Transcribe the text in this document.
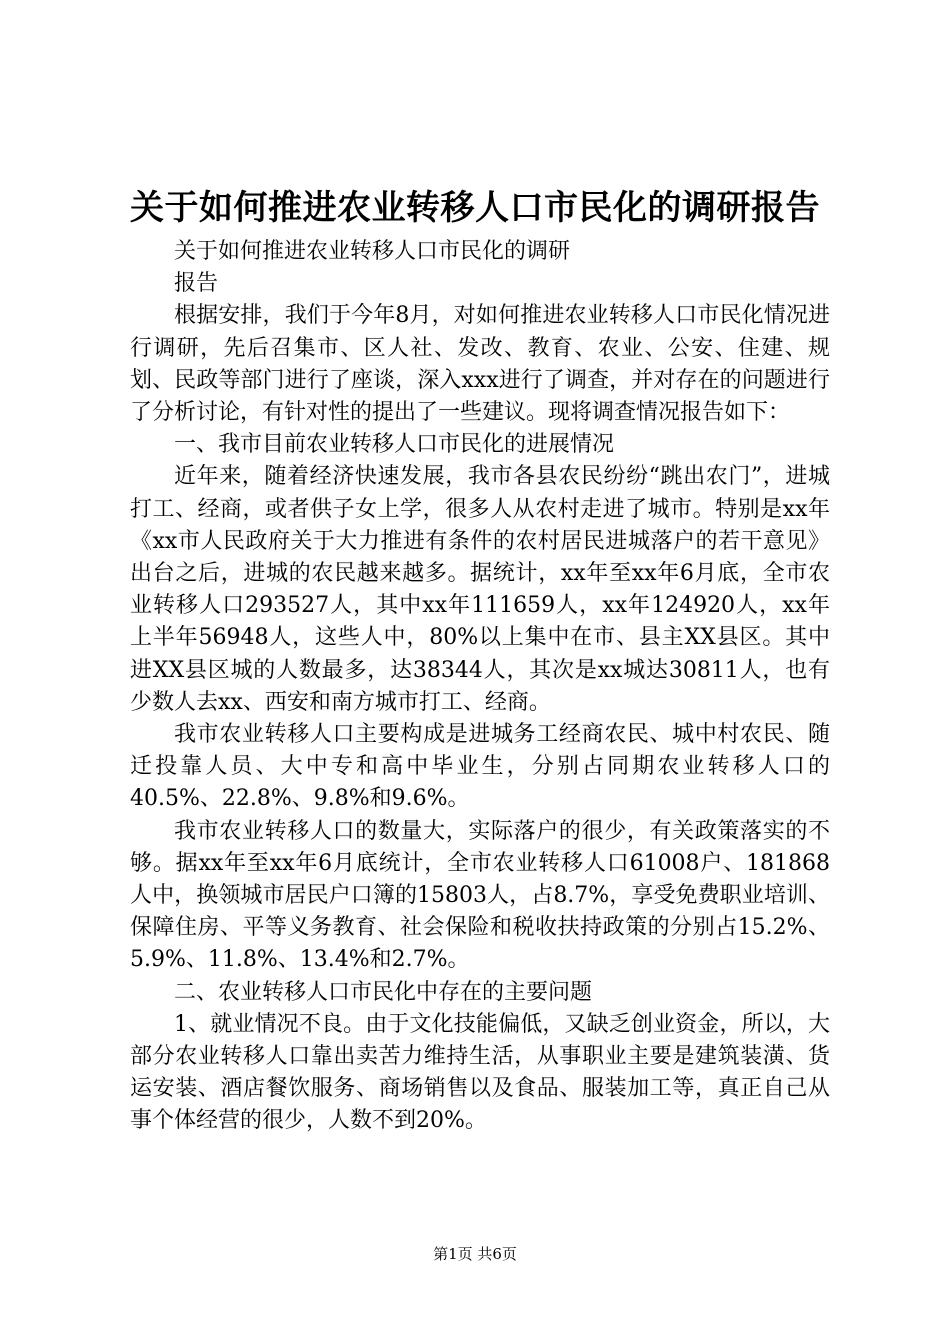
关于如何推进农业转移人口市民化的调研报告

关于如何推进农业转移人口市民化的调研

报告

根据安排，我们于今年8月，对如何推进农业转移人口市民化情况进行调研，先后召集市、区人社、发改、教育、农业、公安、住建、规划、民政等部门进行了座谈，深入xxx进行了调查，并对存在的问题进行了分析讨论，有针对性的提出了一些建议。现将调查情况报告如下：

一、我市目前农业转移人口市民化的进展情况

近年来，随着经济快速发展，我市各县农民纷纷“跳出农门”，进城打工、经商，或者供子女上学，很多人从农村走进了城市。特别是xx年《xx市人民政府关于大力推进有条件的农村居民进城落户的若干意见》出台之后，进城的农民越来越多。据统计，xx年至xx年6月底，全市农业转移人口293527人，其中xx年111659人，xx年124920人，xx年上半年56948人，这些人中，80%以上集中在市、县主XX县区。其中进XX县区城的人数最多，达38344人，其次是xx城达30811人，也有少数人去xx、西安和南方城市打工、经商。

我市农业转移人口主要构成是进城务工经商农民、城中村农民、随迁投靠人员、大中专和高中毕业生，分别占同期农业转移人口的40.5%、22.8%、9.8%和9.6%。

我市农业转移人口的数量大，实际落户的很少，有关政策落实的不够。据xx年至xx年6月底统计，全市农业转移人口61008户、181868人中，换领城市居民户口簿的15803人，占8.7%，享受免费职业培训、保障住房、平等义务教育、社会保险和税收扶持政策的分别占15.2%、5.9%、11.8%、13.4%和2.7%。

二、农业转移人口市民化中存在的主要问题

1、就业情况不良。由于文化技能偏低，又缺乏创业资金，所以，大部分农业转移人口靠出卖苦力维持生活，从事职业主要是建筑装潢、货运安装、酒店餐饮服务、商场销售以及食品、服装加工等，真正自己从事个体经营的很少，人数不到20%。

第1页 共6页
